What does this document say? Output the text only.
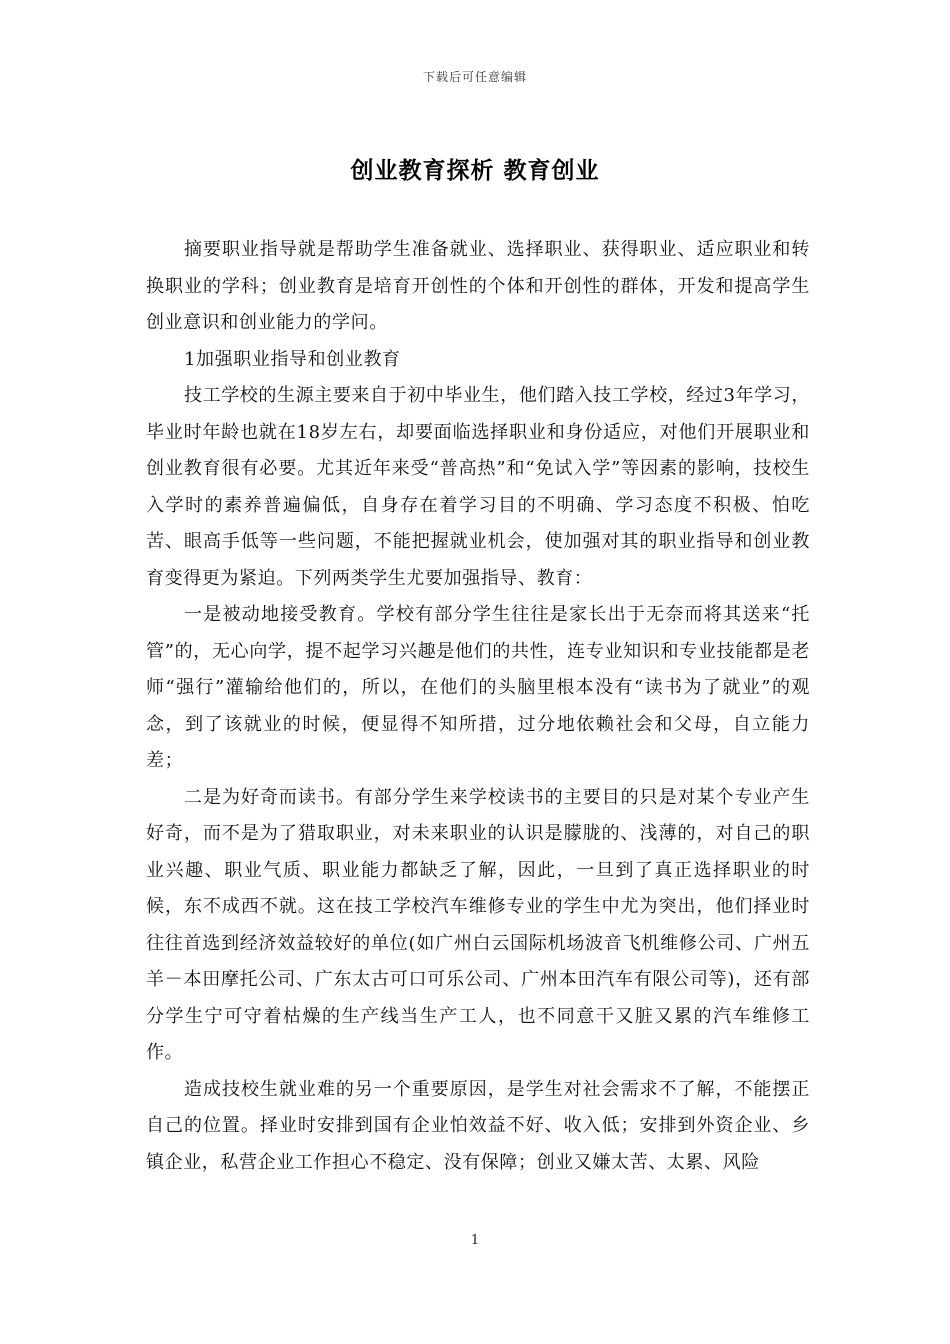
下载后可任意编辑
创业教育探析 教育创业

摘要职业指导就是帮助学生准备就业、选择职业、获得职业、适应职业和转换职业的学科；创业教育是培育开创性的个体和开创性的群体，开发和提高学生创业意识和创业能力的学问。

1加强职业指导和创业教育

技工学校的生源主要来自于初中毕业生，他们踏入技工学校，经过3年学习，毕业时年龄也就在18岁左右，却要面临选择职业和身份适应，对他们开展职业和创业教育很有必要。尤其近年来受“普高热”和“免试入学”等因素的影响，技校生入学时的素养普遍偏低，自身存在着学习目的不明确、学习态度不积极、怕吃苦、眼高手低等一些问题，不能把握就业机会，使加强对其的职业指导和创业教育变得更为紧迫。下列两类学生尤要加强指导、教育：

一是被动地接受教育。学校有部分学生往往是家长出于无奈而将其送来“托管”的，无心向学，提不起学习兴趣是他们的共性，连专业知识和专业技能都是老师“强行”灌输给他们的，所以，在他们的头脑里根本没有“读书为了就业”的观念，到了该就业的时候，便显得不知所措，过分地依赖社会和父母，自立能力差；

二是为好奇而读书。有部分学生来学校读书的主要目的只是对某个专业产生好奇，而不是为了猎取职业，对未来职业的认识是朦胧的、浅薄的，对自己的职业兴趣、职业气质、职业能力都缺乏了解，因此，一旦到了真正选择职业的时候，东不成西不就。这在技工学校汽车维修专业的学生中尤为突出，他们择业时往往首选到经济效益较好的单位(如广州白云国际机场波音飞机维修公司、广州五羊－本田摩托公司、广东太古可口可乐公司、广州本田汽车有限公司等)，还有部分学生宁可守着枯燥的生产线当生产工人，也不同意干又脏又累的汽车维修工作。

造成技校生就业难的另一个重要原因，是学生对社会需求不了解，不能摆正自己的位置。择业时安排到国有企业怕效益不好、收入低；安排到外资企业、乡镇企业，私营企业工作担心不稳定、没有保障；创业又嫌太苦、太累、风险

1
